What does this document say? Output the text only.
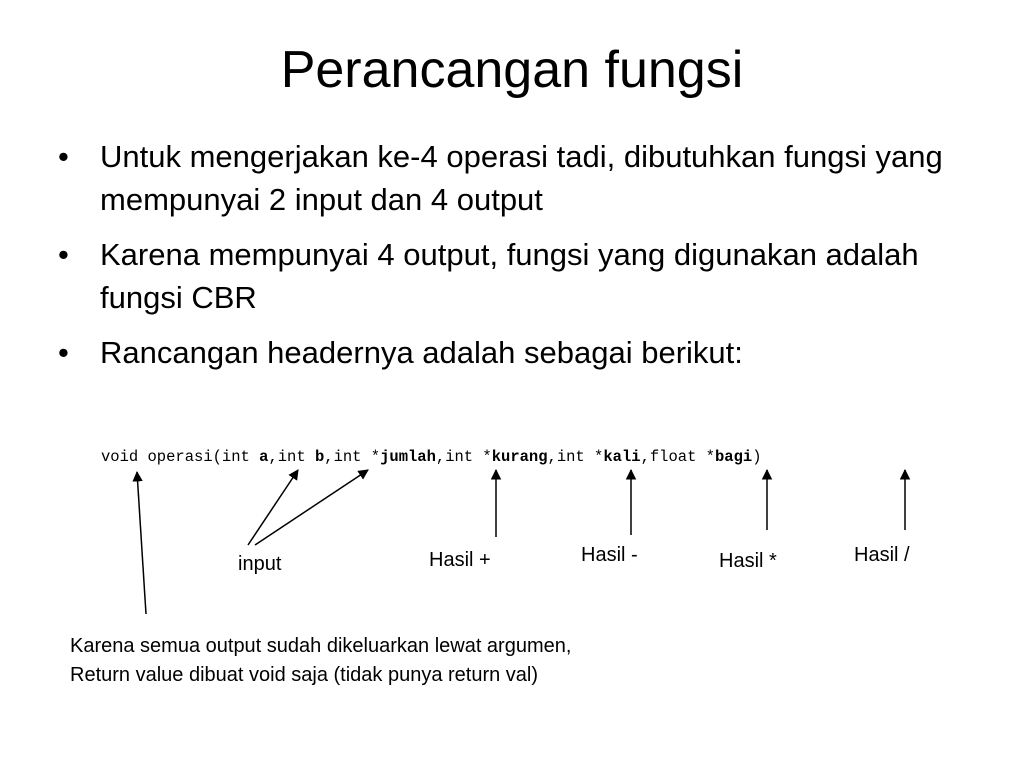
Perancangan fungsi
• Untuk mengerjakan ke-4 operasi tadi, dibutuhkan fungsi yang mempunyai 2 input dan 4 output
• Karena mempunyai 4 output, fungsi yang digunakan adalah fungsi CBR
• Rancangan headernya adalah sebagai berikut:
void operasi(int a,int b,int *jumlah,int *kurang,int *kali,float *bagi)
input	Hasil +	Hasil -	Hasil *	Hasil /
Karena semua output sudah dikeluarkan lewat argumen,
Return value dibuat void saja (tidak punya return val)
